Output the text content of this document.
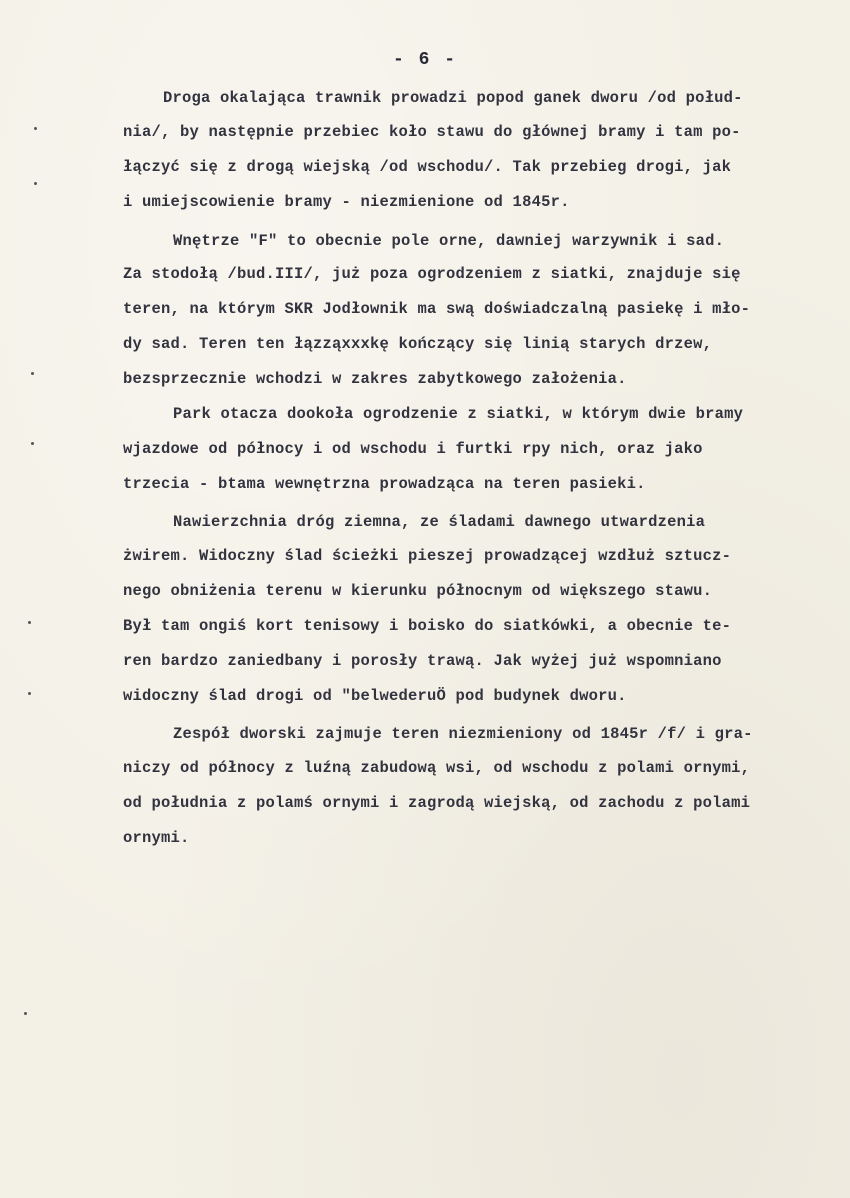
- 6 -
Droga okalająca trawnik prowadzi popod ganek dworu /od połud-
nia/, by następnie przebiec koło stawu do głównej bramy i tam po-
łączyć się z drogą wiejską /od wschodu/. Tak przebieg drogi, jak
i umiejscowienie bramy - niezmienione od 1845r.
Wnętrze "F" to obecnie pole orne, dawniej warzywnik i sad.
Za stodołą /bud.III/, już poza ogrodzeniem z siatki, znajduje się
teren, na którym SKR Jodłownik ma swą doświadczalną pasiekę i mło-
dy sad. Teren ten łązząxxxkę kończący się linią starych drzew,
bezsprzecznie wchodzi w zakres zabytkowego założenia.
Park otacza dookoła ogrodzenie z siatki, w którym dwie bramy
wjazdowe od północy i od wschodu i furtki rpy nich, oraz jako
trzecia - btama wewnętrzna prowadząca na teren pasieki.
Nawierzchnia dróg ziemna, ze śladami dawnego utwardzenia
żwirem. Widoczny ślad ścieżki pieszej prowadzącej wzdłuż sztucz-
nego obniżenia terenu w kierunku północnym od większego stawu.
Był tam ongiś kort tenisowy i boisko do siatkówki, a obecnie te-
ren bardzo zaniedbany i porosły trawą. Jak wyżej już wspomniano
widoczny ślad drogi od "belwederuÖ pod budynek dworu.
Zespół dworski zajmuje teren niezmieniony od 1845r /f/ i gra-
niczy od północy z luźną zabudową wsi, od wschodu z polami ornymi,
od południa z polamś ornymi i zagrodą wiejską, od zachodu z polami
ornymi.
